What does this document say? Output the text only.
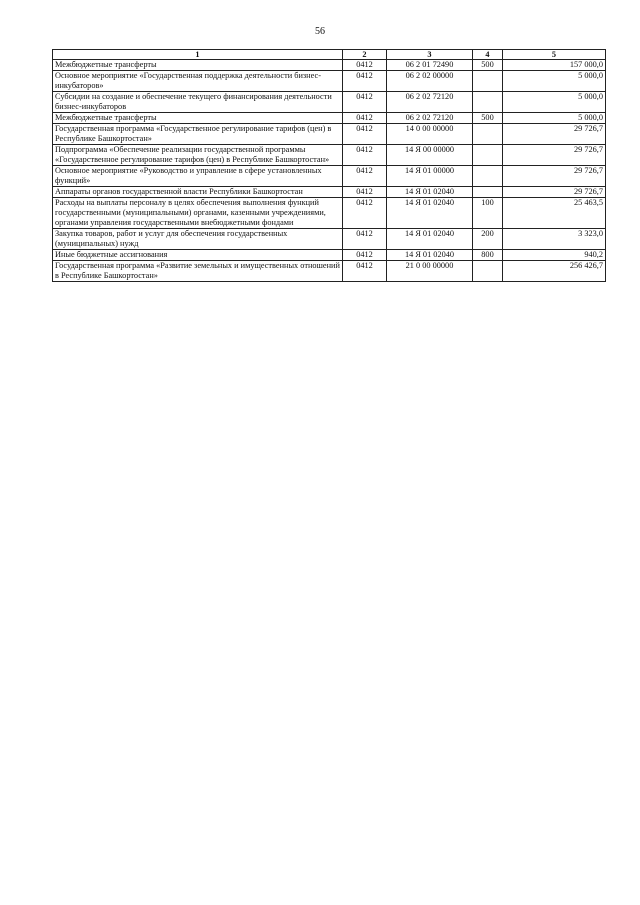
56
1	2	3	4	5
Межбюджетные трансферты	0412	06 2 01 72490	500	157 000,0
Основное мероприятие «Государственная поддержка деятельности бизнес-инкубаторов»	0412	06 2 02 00000		5 000,0
Субсидии на создание и обеспечение текущего финансирования деятельности бизнес-инкубаторов	0412	06 2 02 72120		5 000,0
Межбюджетные трансферты	0412	06 2 02 72120	500	5 000,0
Государственная программа «Государственное регулирование тарифов (цен) в Республике Башкортостан»	0412	14 0 00 00000		29 726,7
Подпрограмма «Обеспечение реализации государственной программы «Государственное регулирование тарифов (цен) в Республике Башкортостан»	0412	14 Я 00 00000		29 726,7
Основное мероприятие «Руководство и управление в сфере установленных функций»	0412	14 Я 01 00000		29 726,7
Аппараты органов государственной власти Республики Башкортостан	0412	14 Я 01 02040		29 726,7
Расходы на выплаты персоналу в целях обеспечения выполнения функций государственными (муниципальными) органами, казенными учреждениями, органами управления государственными внебюджетными фондами	0412	14 Я 01 02040	100	25 463,5
Закупка товаров, работ и услуг для обеспечения государственных (муниципальных) нужд	0412	14 Я 01 02040	200	3 323,0
Иные бюджетные ассигнования	0412	14 Я 01 02040	800	940,2
Государственная программа «Развитие земельных и имущественных отношений в Республике Башкортостан»	0412	21 0 00 00000		256 426,7
